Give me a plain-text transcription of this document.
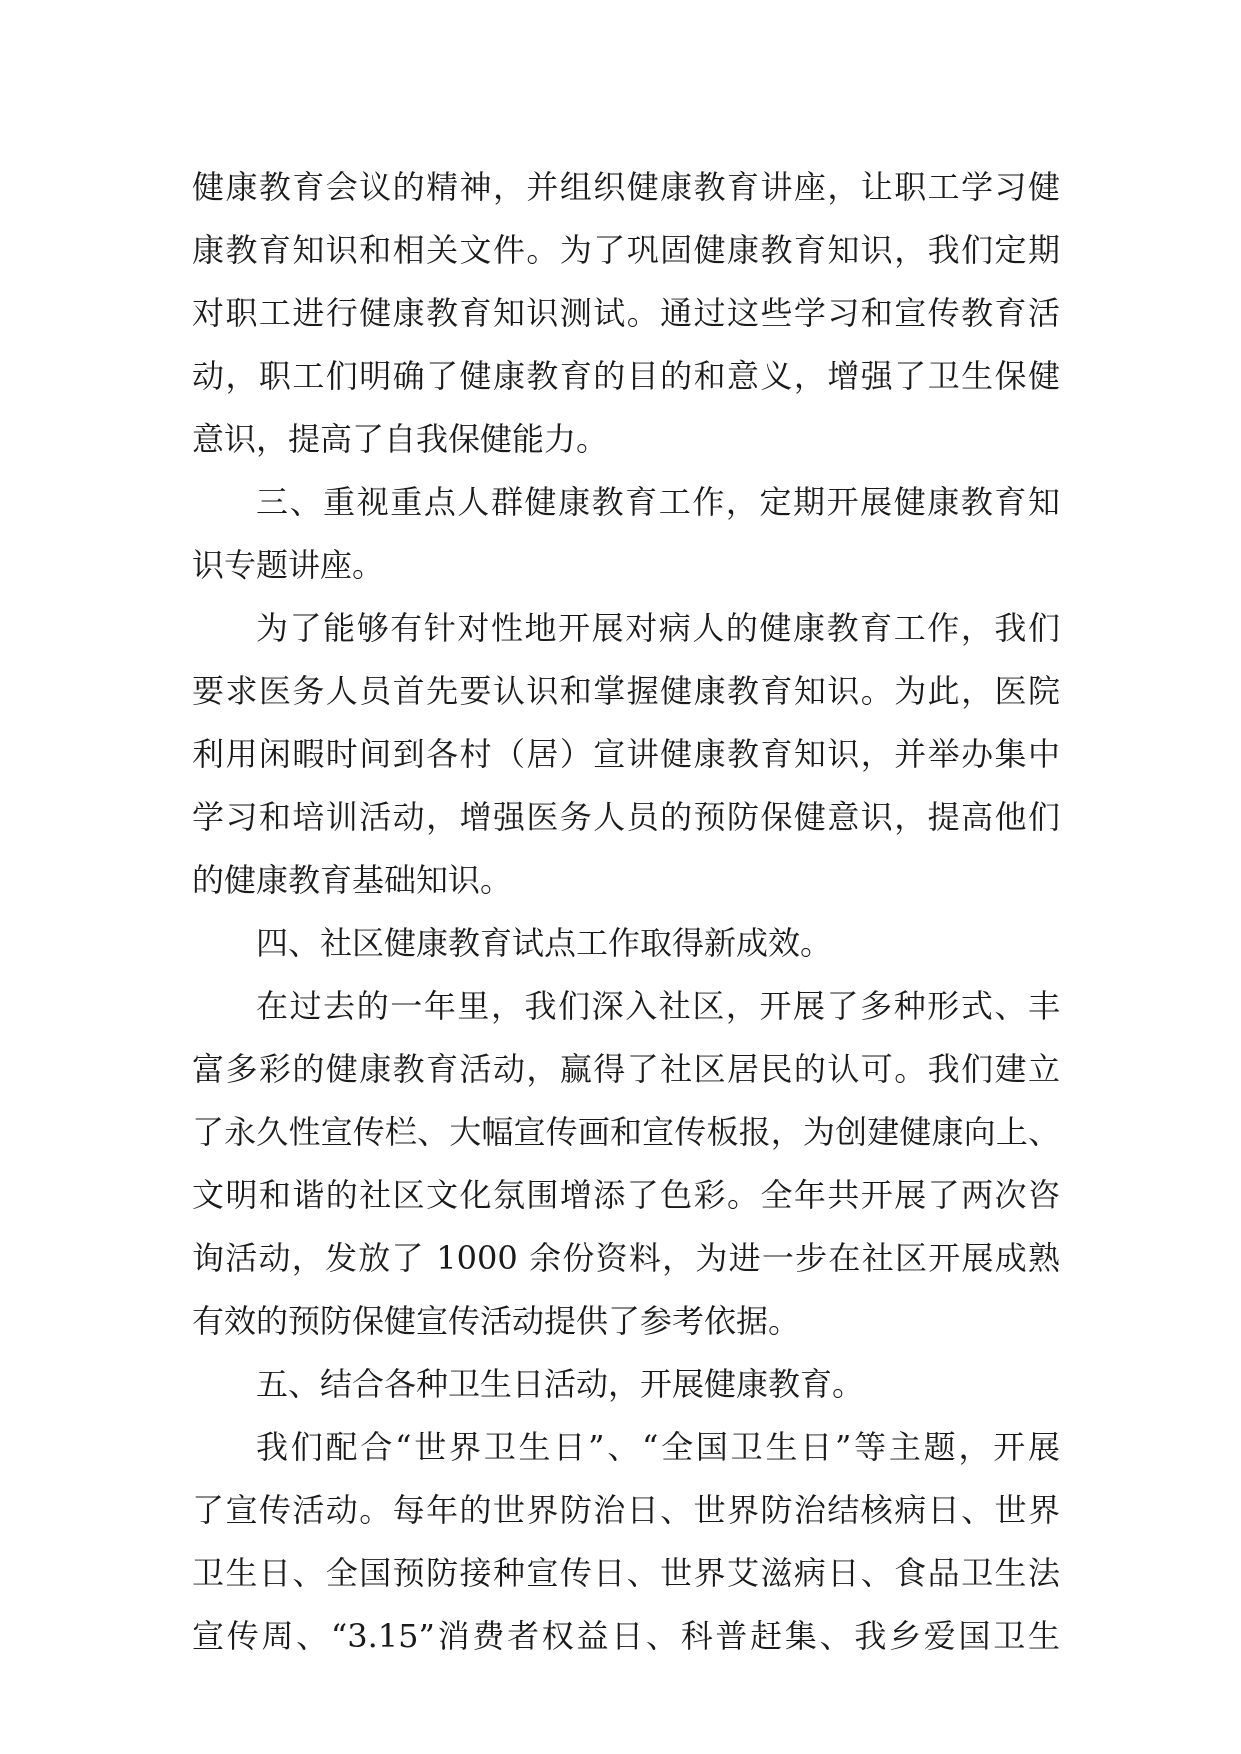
健康教育会议的精神，并组织健康教育讲座，让职工学习健
康教育知识和相关文件。为了巩固健康教育知识，我们定期
对职工进行健康教育知识测试。通过这些学习和宣传教育活
动，职工们明确了健康教育的目的和意义，增强了卫生保健
意识，提高了自我保健能力。
三、重视重点人群健康教育工作，定期开展健康教育知
识专题讲座。
为了能够有针对性地开展对病人的健康教育工作，我们
要求医务人员首先要认识和掌握健康教育知识。为此，医院
利用闲暇时间到各村（居）宣讲健康教育知识，并举办集中
学习和培训活动，增强医务人员的预防保健意识，提高他们
的健康教育基础知识。
四、社区健康教育试点工作取得新成效。
在过去的一年里，我们深入社区，开展了多种形式、丰
富多彩的健康教育活动，赢得了社区居民的认可。我们建立
了永久性宣传栏、大幅宣传画和宣传板报，为创建健康向上、
文明和谐的社区文化氛围增添了色彩。全年共开展了两次咨
询活动，发放了 1000 余份资料，为进一步在社区开展成熟
有效的预防保健宣传活动提供了参考依据。
五、结合各种卫生日活动，开展健康教育。
我们配合“世界卫生日”、“全国卫生日”等主题，开展
了宣传活动。每年的世界防治日、世界防治结核病日、世界
卫生日、全国预防接种宣传日、世界艾滋病日、食品卫生法
宣传周、“3.15”消费者权益日、科普赶集、我乡爱国卫生
